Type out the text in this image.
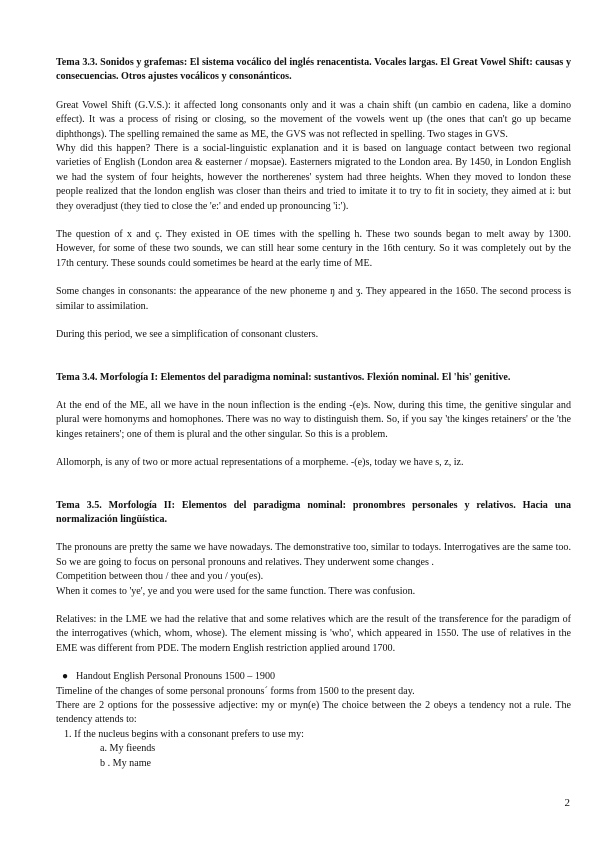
Tema 3.3. Sonidos y grafemas: El sistema vocálico del inglés renacentista. Vocales largas. El Great Vowel Shift: causas y consecuencias. Otros ajustes vocálicos y consonánticos.

Great Vowel Shift (G.V.S.): it affected long consonants only and it was a chain shift (un cambio en cadena, like a domino effect). It was a process of rising or closing, so the movement of the vowels went up (the ones that can't go up became diphthongs). The spelling remained the same as ME, the GVS was not reflected in spelling. Two stages in GVS.

Why did this happen? There is a social-linguistic explanation and it is based on language contact between two regional varieties of English (London area & easterner / mopsae). Easterners migrated to the London area. By 1450, in London English we had the system of four heights, however the northerenes' system had three heights. When they moved to london these people realized that the london english was closer than theirs and tried to imitate it to try to fit in society, they aimed at i: but they overadjust (they tied to close the 'e:' and ended up pronouncing 'i:').

The question of x and ç. They existed in OE times with the spelling h. These two sounds began to melt away by 1300. However, for some of these two sounds, we can still hear some century in the 16th century. So it was completely out by the 17th century. These sounds could sometimes be heard at the early time of ME.

Some changes in consonants: the appearance of the new phoneme ŋ and ʒ. They appeared in the 1650. The second process is similar to assimilation.

During this period, we see a simplification of consonant clusters.

Tema 3.4. Morfología I: Elementos del paradigma nominal: sustantivos. Flexión nominal. El 'his' genitive.

At the end of the ME, all we have in the noun inflection is the ending -(e)s. Now, during this time, the genitive singular and plural were homonyms and homophones. There was no way to distinguish them. So, if you say 'the kinges retainers' or the 'the kinges retainers'; one of them is plural and the other singular. So this is a problem.

Allomorph, is any of two or more actual representations of a morpheme. -(e)s, today we have s, z, iz.

Tema 3.5. Morfología II: Elementos del paradigma nominal: pronombres personales y relativos. Hacia una normalización lingüística.

The pronouns are pretty the same we have nowadays. The demonstrative too, similar to todays. Interrogatives are the same too. So we are going to focus on personal pronouns and relatives. They underwent some changes .

Competition between thou / thee and you / you(es).

When it comes to 'ye', ye and you were used for the same function. There was confusion.

Relatives: in the LME we had the relative that and some relatives which are the result of the transference for the paradigm of the interrogatives (which, whom, whose). The element missing is 'who', which appeared in 1550. The use of relatives in the EME was different from PDE. The modern English restriction applied around 1700.

● Handout English Personal Pronouns 1500 – 1900

Timeline of the changes of some personal pronouns´ forms from 1500 to the present day.

There are 2 options for the possessive adjective: my or myn(e) The choice between the 2 obeys a tendency not a rule. The tendency attends to:

1. If the nucleus begins with a consonant prefers to use my:

a. My fieends

b . My name

2
